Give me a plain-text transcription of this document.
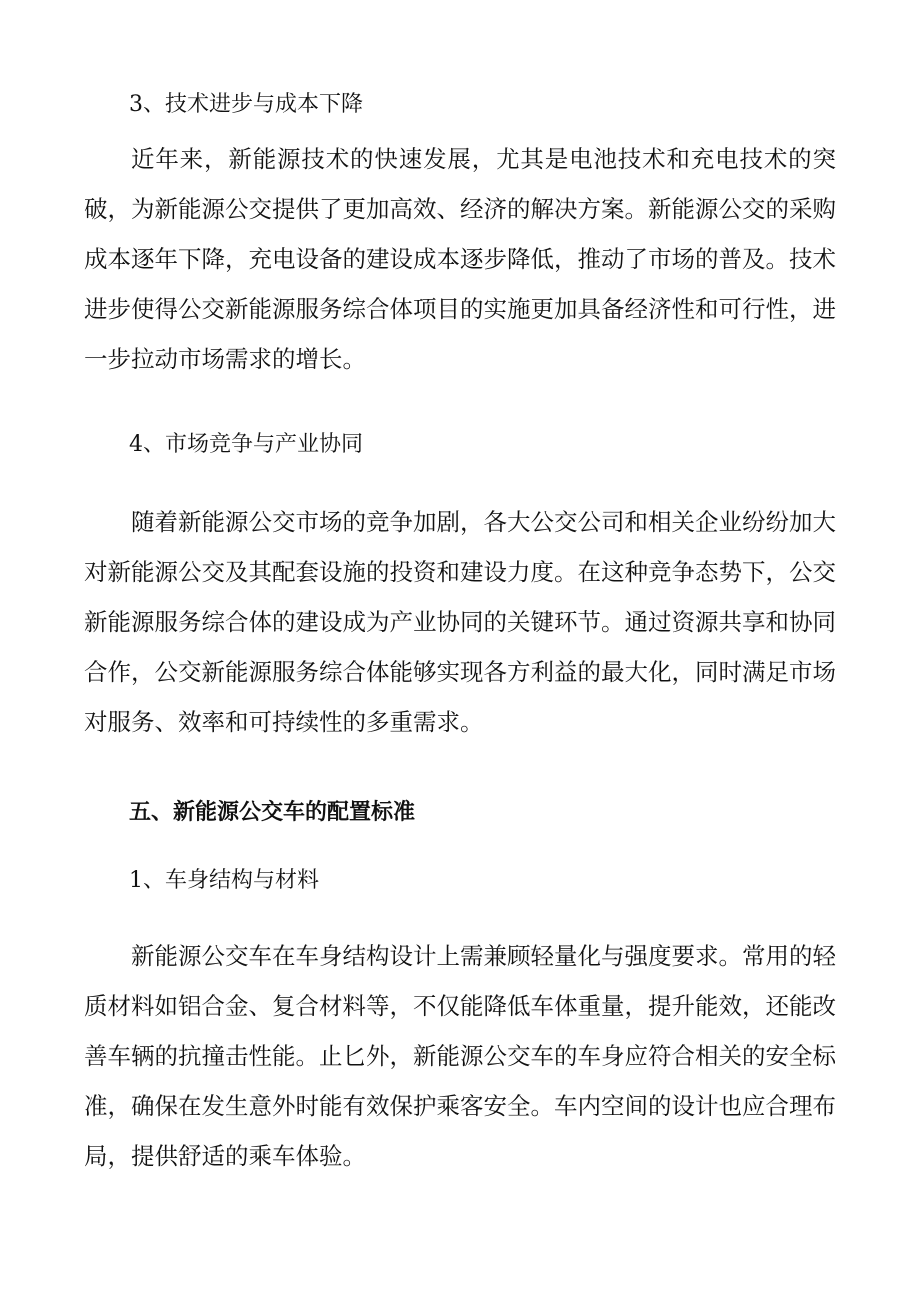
3、技术进步与成本下降

近年来，新能源技术的快速发展，尤其是电池技术和充电技术的突破，为新能源公交提供了更加高效、经济的解决方案。新能源公交的采购成本逐年下降，充电设备的建设成本逐步降低，推动了市场的普及。技术进步使得公交新能源服务综合体项目的实施更加具备经济性和可行性，进一步拉动市场需求的增长。

4、市场竞争与产业协同

随着新能源公交市场的竞争加剧，各大公交公司和相关企业纷纷加大对新能源公交及其配套设施的投资和建设力度。在这种竞争态势下，公交新能源服务综合体的建设成为产业协同的关键环节。通过资源共享和协同合作，公交新能源服务综合体能够实现各方利益的最大化，同时满足市场对服务、效率和可持续性的多重需求。

五、新能源公交车的配置标准
1、车身结构与材料

新能源公交车在车身结构设计上需兼顾轻量化与强度要求。常用的轻质材料如铝合金、复合材料等，不仅能降低车体重量，提升能效，还能改善车辆的抗撞击性能。止匕外，新能源公交车的车身应符合相关的安全标准，确保在发生意外时能有效保护乘客安全。车内空间的设计也应合理布局，提供舒适的乘车体验。
